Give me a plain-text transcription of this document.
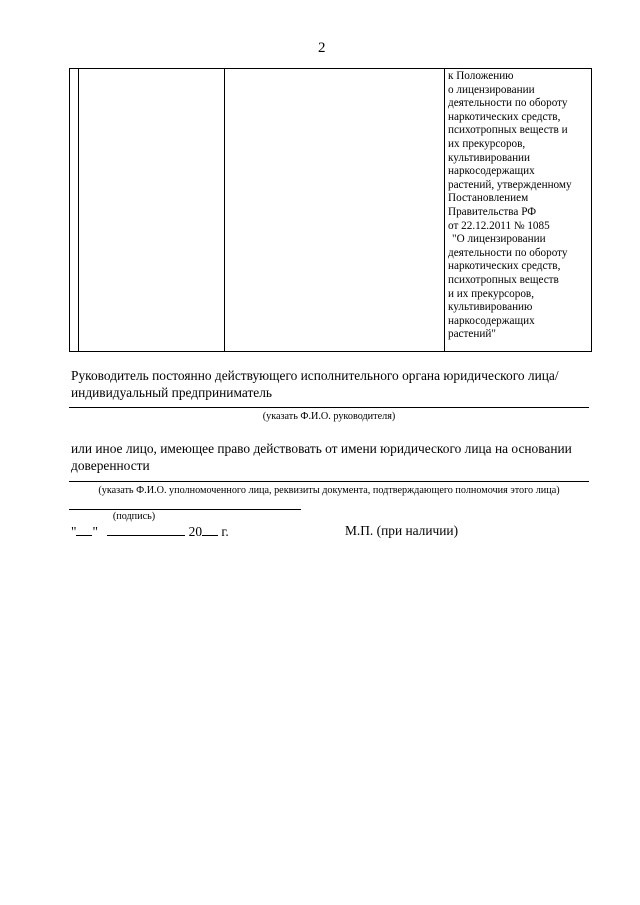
2

к Положению
о лицензировании
деятельности по обороту
наркотических средств,
психотропных веществ и
их прекурсоров,
культивировании
наркосодержащих
растений, утвержденному
Постановлением
Правительства РФ
от 22.12.2011 № 1085
"О лицензировании
деятельности по обороту
наркотических средств,
психотропных веществ
и их прекурсоров,
культивированию
наркосодержащих
растений"
Руководитель постоянно действующего исполнительного органа юридического лица/
индивидуальный предприниматель
(указать Ф.И.О. руководителя)
или иное лицо, имеющее право действовать от имени юридического лица на основании
доверенности
(указать Ф.И.О. уполномоченного лица, реквизиты документа, подтверждающего полномочия этого лица)
(подпись)
" "	20 г.	М.П. (при наличии)
